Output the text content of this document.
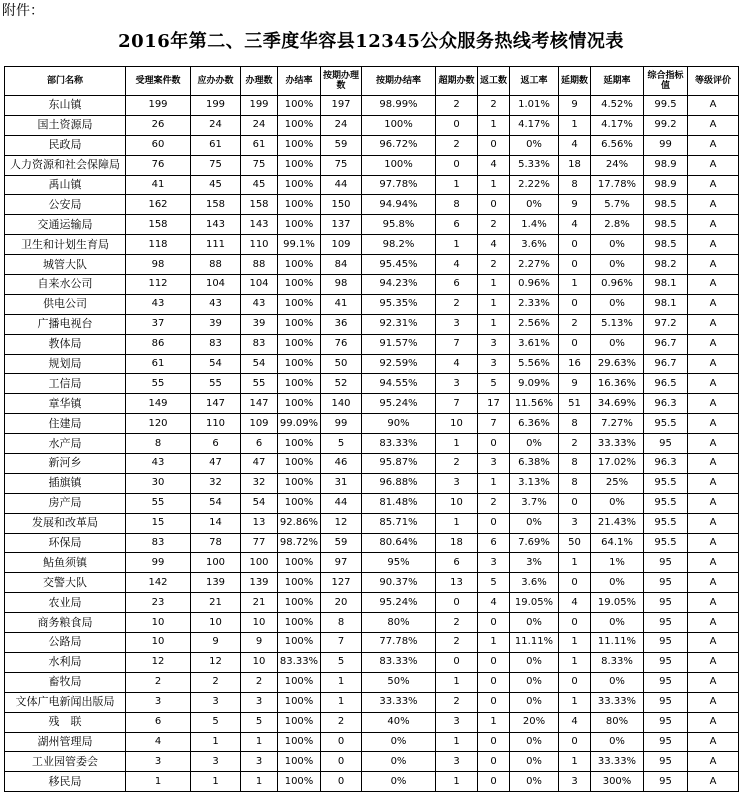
附件：
2016年第二、三季度华容县12345公众服务热线考核情况表
部门名称	受理案件数	应办办数	办理数	办结率	按期办理数	按期办结率	超期办数	返工数	返工率	延期数	延期率	综合指标值	等级评价
东山镇	199	199	199	100%	197	98.99%	2	2	1.01%	9	4.52%	99.5	A
国土资源局	26	24	24	100%	24	100%	0	1	4.17%	1	4.17%	99.2	A
民政局	60	61	61	100%	59	96.72%	2	0	0%	4	6.56%	99	A
人力资源和社会保障局	76	75	75	100%	75	100%	0	4	5.33%	18	24%	98.9	A
禹山镇	41	45	45	100%	44	97.78%	1	1	2.22%	8	17.78%	98.9	A
公安局	162	158	158	100%	150	94.94%	8	0	0%	9	5.7%	98.5	A
交通运输局	158	143	143	100%	137	95.8%	6	2	1.4%	4	2.8%	98.5	A
卫生和计划生育局	118	111	110	99.1%	109	98.2%	1	4	3.6%	0	0%	98.5	A
城管大队	98	88	88	100%	84	95.45%	4	2	2.27%	0	0%	98.2	A
自来水公司	112	104	104	100%	98	94.23%	6	1	0.96%	1	0.96%	98.1	A
供电公司	43	43	43	100%	41	95.35%	2	1	2.33%	0	0%	98.1	A
广播电视台	37	39	39	100%	36	92.31%	3	1	2.56%	2	5.13%	97.2	A
教体局	86	83	83	100%	76	91.57%	7	3	3.61%	0	0%	96.7	A
规划局	61	54	54	100%	50	92.59%	4	3	5.56%	16	29.63%	96.7	A
工信局	55	55	55	100%	52	94.55%	3	5	9.09%	9	16.36%	96.5	A
章华镇	149	147	147	100%	140	95.24%	7	17	11.56%	51	34.69%	96.3	A
住建局	120	110	109	99.09%	99	90%	10	7	6.36%	8	7.27%	95.5	A
水产局	8	6	6	100%	5	83.33%	1	0	0%	2	33.33%	95	A
新河乡	43	47	47	100%	46	95.87%	2	3	6.38%	8	17.02%	96.3	A
插旗镇	30	32	32	100%	31	96.88%	3	1	3.13%	8	25%	95.5	A
房产局	55	54	54	100%	44	81.48%	10	2	3.7%	0	0%	95.5	A
发展和改革局	15	14	13	92.86%	12	85.71%	1	0	0%	3	21.43%	95.5	A
环保局	83	78	77	98.72%	59	80.64%	18	6	7.69%	50	64.1%	95.5	A
鲇鱼须镇	99	100	100	100%	97	95%	6	3	3%	1	1%	95	A
交警大队	142	139	139	100%	127	90.37%	13	5	3.6%	0	0%	95	A
农业局	23	21	21	100%	20	95.24%	0	4	19.05%	4	19.05%	95	A
商务粮食局	10	10	10	100%	8	80%	2	0	0%	0	0%	95	A
公路局	10	9	9	100%	7	77.78%	2	1	11.11%	1	11.11%	95	A
水利局	12	12	10	83.33%	5	83.33%	0	0	0%	1	8.33%	95	A
畜牧局	2	2	2	100%	1	50%	1	0	0%	0	0%	95	A
文体广电新闻出版局	3	3	3	100%	1	33.33%	2	0	0%	1	33.33%	95	A
残　联	6	5	5	100%	2	40%	3	1	20%	4	80%	95	A
湖州管理局	4	1	1	100%	0	0%	1	0	0%	0	0%	95	A
工业园管委会	3	3	3	100%	0	0%	3	0	0%	1	33.33%	95	A
移民局	1	1	1	100%	0	0%	1	0	0%	3	300%	95	A
